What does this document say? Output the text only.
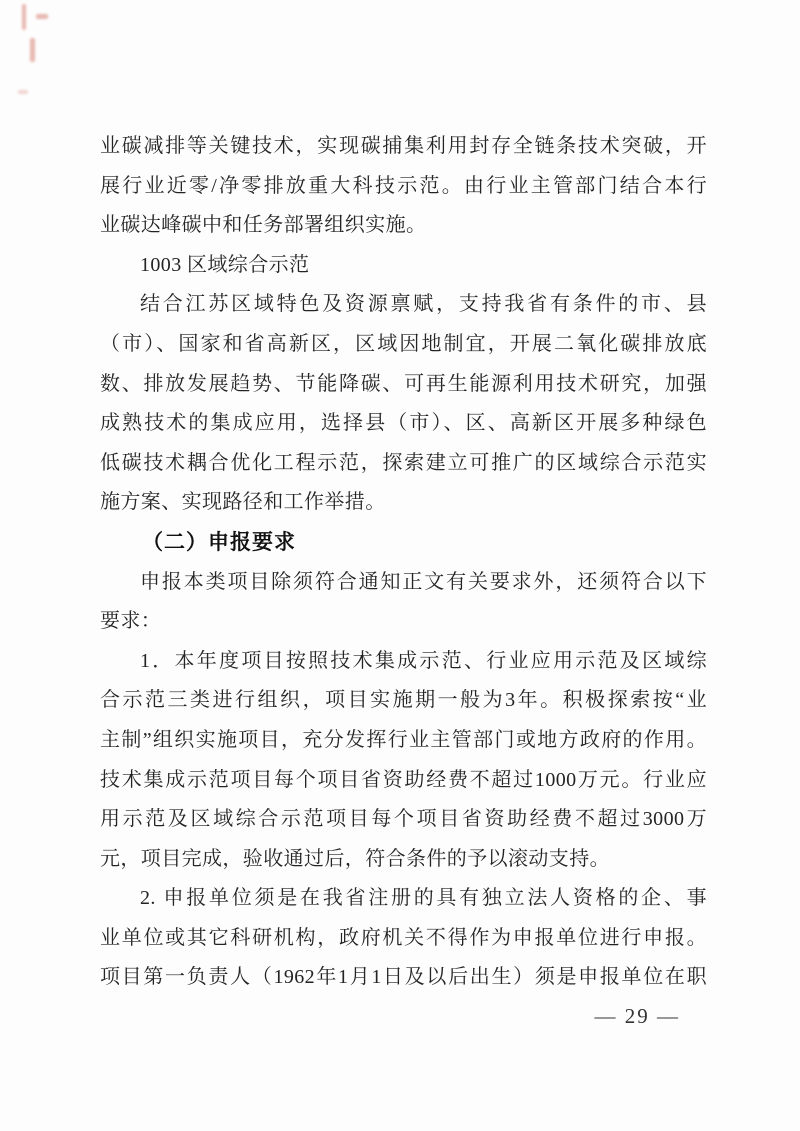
业碳减排等关键技术，实现碳捕集利用封存全链条技术突破，开
展行业近零/净零排放重大科技示范。由行业主管部门结合本行
业碳达峰碳中和任务部署组织实施。
1003 区域综合示范
结合江苏区域特色及资源禀赋，支持我省有条件的市、县
（市）、国家和省高新区，区域因地制宜，开展二氧化碳排放底
数、排放发展趋势、节能降碳、可再生能源利用技术研究，加强
成熟技术的集成应用，选择县（市）、区、高新区开展多种绿色
低碳技术耦合优化工程示范，探索建立可推广的区域综合示范实
施方案、实现路径和工作举措。
（二）申报要求
申报本类项目除须符合通知正文有关要求外，还须符合以下
要求：
1．本年度项目按照技术集成示范、行业应用示范及区域综
合示范三类进行组织，项目实施期一般为3年。积极探索按“业
主制”组织实施项目，充分发挥行业主管部门或地方政府的作用。
技术集成示范项目每个项目省资助经费不超过1000万元。行业应
用示范及区域综合示范项目每个项目省资助经费不超过3000万
元，项目完成，验收通过后，符合条件的予以滚动支持。
2. 申报单位须是在我省注册的具有独立法人资格的企、事
业单位或其它科研机构，政府机关不得作为申报单位进行申报。
项目第一负责人（1962年1月1日及以后出生）须是申报单位在职
— 29 —
